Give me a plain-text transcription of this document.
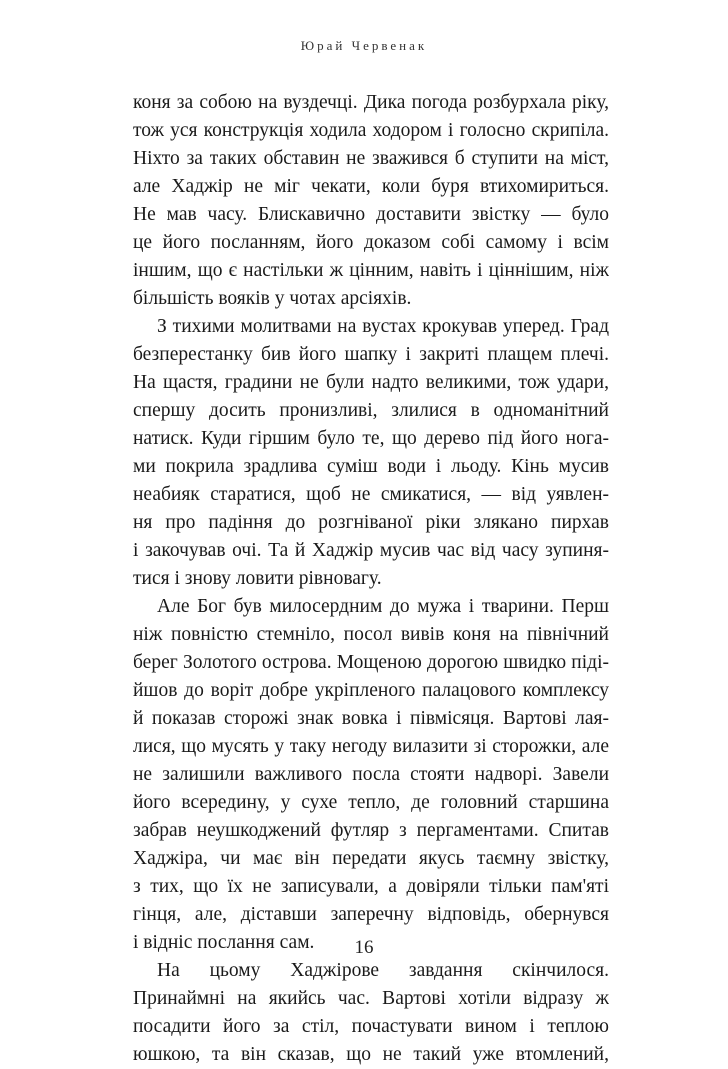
Юрай Червенак
коня за собою на вуздечці. Дика погода розбурхала ріку,
тож уся конструкція ходила ходором і голосно скрипіла.
Ніхто за таких обставин не зважився б ступити на міст,
але Хаджір не міг чекати, коли буря втихомириться.
Не мав часу. Блискавично доставити звістку — було
це його посланням, його доказом собі самому і всім
іншим, що є настільки ж цінним, навіть і ціннішим, ніж
більшість вояків у чотах арсіяхів.
З тихими молитвами на вустах крокував уперед. Град
безперестанку бив його шапку і закриті плащем плечі.
На щастя, градини не були надто великими, тож удари,
спершу досить пронизливі, злилися в одноманітний
натиск. Куди гіршим було те, що дерево під його нога-
ми покрила зрадлива суміш води і льоду. Кінь мусив
неабияк старатися, щоб не смикатися, — від уявлен-
ня про падіння до розгніваної ріки злякано пирхав
і закочував очі. Та й Хаджір мусив час від часу зупиня-
тися і знову ловити рівновагу.
Але Бог був милосердним до мужа і тварини. Перш
ніж повністю стемніло, посол вивів коня на північний
берег Золотого острова. Мощеною дорогою швидко піді-
йшов до воріт добре укріпленого палацового комплексу
й показав сторожі знак вовка і півмісяця. Вартові лая-
лися, що мусять у таку негоду вилазити зі сторожки, але
не залишили важливого посла стояти надворі. Завели
його всередину, у сухе тепло, де головний старшина
забрав неушкоджений футляр з пергаментами. Спитав
Хаджіра, чи має він передати якусь таємну звістку,
з тих, що їх не записували, а довіряли тільки пам'яті
гінця, але, діставши заперечну відповідь, обернувся
і відніс послання сам.
На цьому Хаджірове завдання скінчилося.
Принаймні на якийсь час. Вартові хотіли відразу ж
посадити його за стіл, почастувати вином і теплою
юшкою, та він сказав, що не такий уже втомлений,
16
